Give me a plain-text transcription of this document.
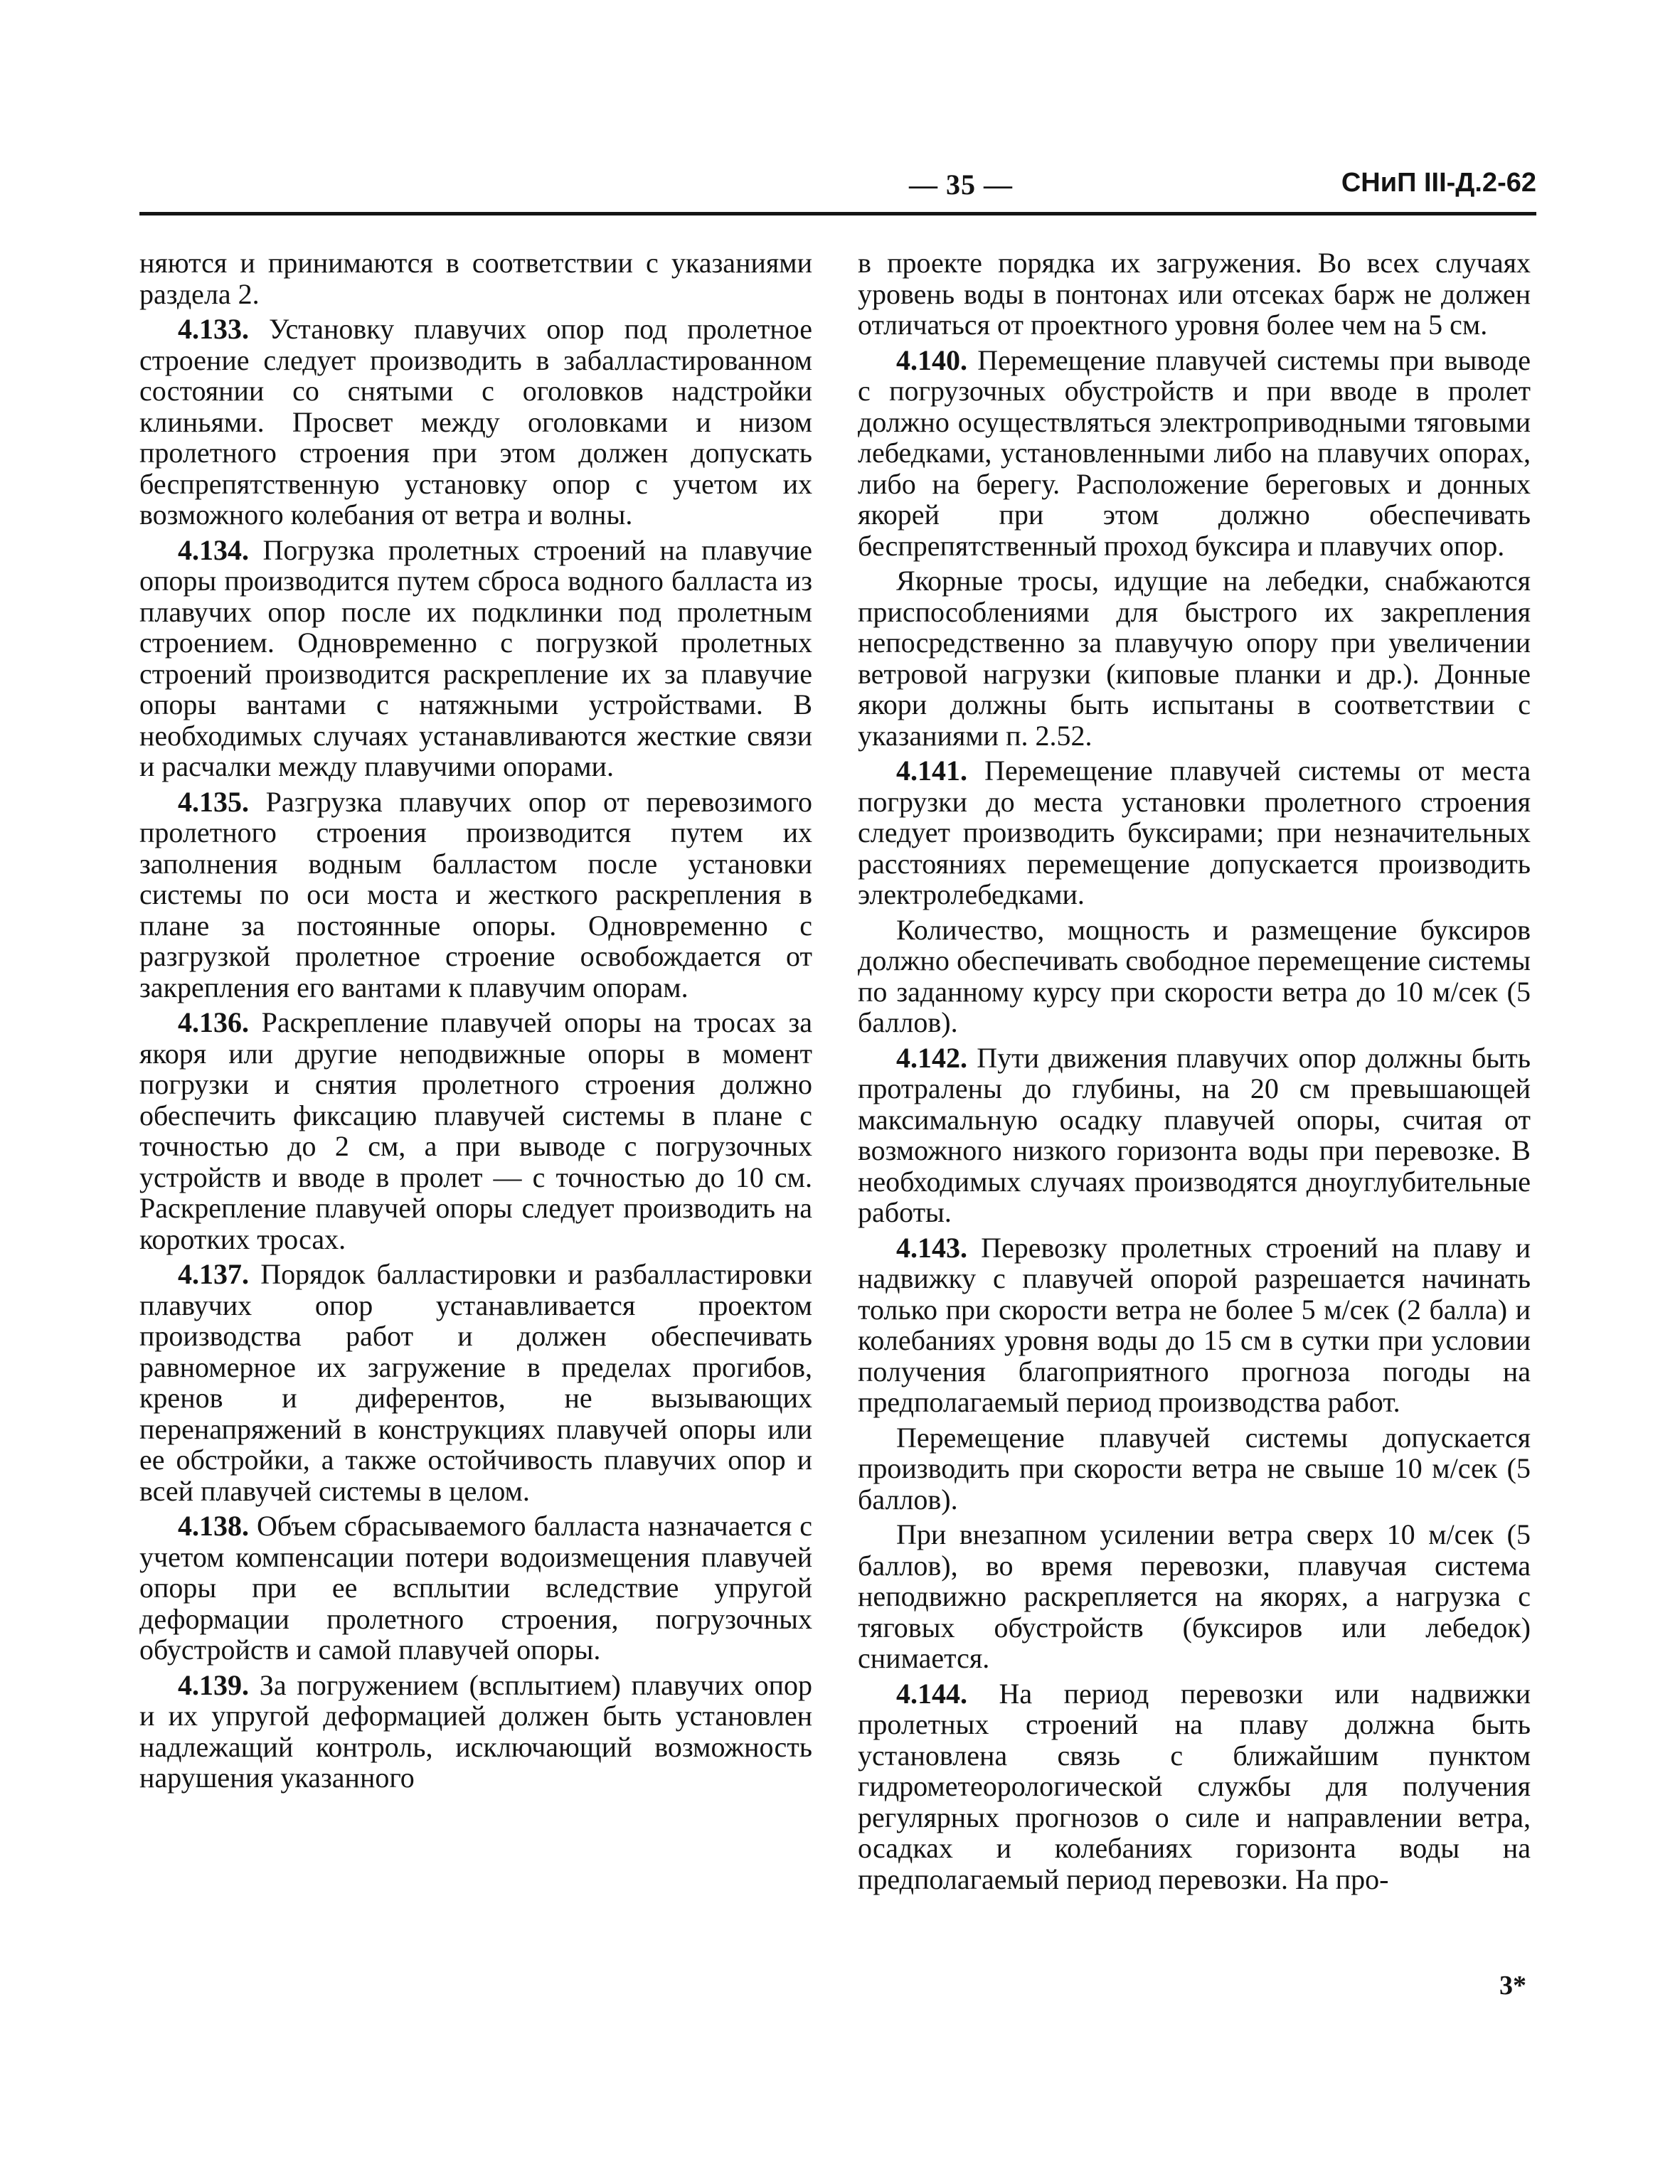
— 35 —	СНиП III-Д.2-62

няются и принимаются в соответствии с указаниями раздела 2.

4.133. Установку плавучих опор под пролетное строение следует производить в забалластированном состоянии со снятыми с оголовков надстройки клиньями. Просвет между оголовками и низом пролетного строения при этом должен допускать беспрепятственную установку опор с учетом их возможного колебания от ветра и волны.

4.134. Погрузка пролетных строений на плавучие опоры производится путем сброса водного балласта из плавучих опор после их подклинки под пролетным строением. Одновременно с погрузкой пролетных строений производится раскрепление их за плавучие опоры вантами с натяжными устройствами. В необходимых случаях устанавливаются жесткие связи и расчалки между плавучими опорами.

4.135. Разгрузка плавучих опор от перевозимого пролетного строения производится путем их заполнения водным балластом после установки системы по оси моста и жесткого раскрепления в плане за постоянные опоры. Одновременно с разгрузкой пролетное строение освобождается от закрепления его вантами к плавучим опорам.

4.136. Раскрепление плавучей опоры на тросах за якоря или другие неподвижные опоры в момент погрузки и снятия пролетного строения должно обеспечить фиксацию плавучей системы в плане с точностью до 2 см, а при выводе с погрузочных устройств и вводе в пролет — с точностью до 10 см. Раскрепление плавучей опоры следует производить на коротких тросах.

4.137. Порядок балластировки и разбалластировки плавучих опор устанавливается проектом производства работ и должен обеспечивать равномерное их загружение в пределах прогибов, кренов и диферентов, не вызывающих перенапряжений в конструкциях плавучей опоры или ее обстройки, а также остойчивость плавучих опор и всей плавучей системы в целом.

4.138. Объем сбрасываемого балласта назначается с учетом компенсации потери водоизмещения плавучей опоры при ее всплытии вследствие упругой деформации пролетного строения, погрузочных обустройств и самой плавучей опоры.

4.139. За погружением (всплытием) плавучих опор и их упругой деформацией должен быть установлен надлежащий контроль, исключающий возможность нарушения указанного

в проекте порядка их загружения. Во всех случаях уровень воды в понтонах или отсеках барж не должен отличаться от проектного уровня более чем на 5 см.

4.140. Перемещение плавучей системы при выводе с погрузочных обустройств и при вводе в пролет должно осуществляться электроприводными тяговыми лебедками, установленными либо на плавучих опорах, либо на берегу. Расположение береговых и донных якорей при этом должно обеспечивать беспрепятственный проход буксира и плавучих опор.

Якорные тросы, идущие на лебедки, снабжаются приспособлениями для быстрого их закрепления непосредственно за плавучую опору при увеличении ветровой нагрузки (киповые планки и др.). Донные якори должны быть испытаны в соответствии с указаниями п. 2.52.

4.141. Перемещение плавучей системы от места погрузки до места установки пролетного строения следует производить буксирами; при незначительных расстояниях перемещение допускается производить электролебедками.

Количество, мощность и размещение буксиров должно обеспечивать свободное перемещение системы по заданному курсу при скорости ветра до 10 м/сек (5 баллов).

4.142. Пути движения плавучих опор должны быть протралены до глубины, на 20 см превышающей максимальную осадку плавучей опоры, считая от возможного низкого горизонта воды при перевозке. В необходимых случаях производятся дноуглубительные работы.

4.143. Перевозку пролетных строений на плаву и надвижку с плавучей опорой разрешается начинать только при скорости ветра не более 5 м/сек (2 балла) и колебаниях уровня воды до 15 см в сутки при условии получения благоприятного прогноза погоды на предполагаемый период производства работ.

Перемещение плавучей системы допускается производить при скорости ветра не свыше 10 м/сек (5 баллов).

При внезапном усилении ветра сверх 10 м/сек (5 баллов), во время перевозки, плавучая система неподвижно раскрепляется на якорях, а нагрузка с тяговых обустройств (буксиров или лебедок) снимается.

4.144. На период перевозки или надвижки пролетных строений на плаву должна быть установлена связь с ближайшим пунктом гидрометеорологической службы для получения регулярных прогнозов о силе и направлении ветра, осадках и колебаниях горизонта воды на предполагаемый период перевозки. На про-

3*
